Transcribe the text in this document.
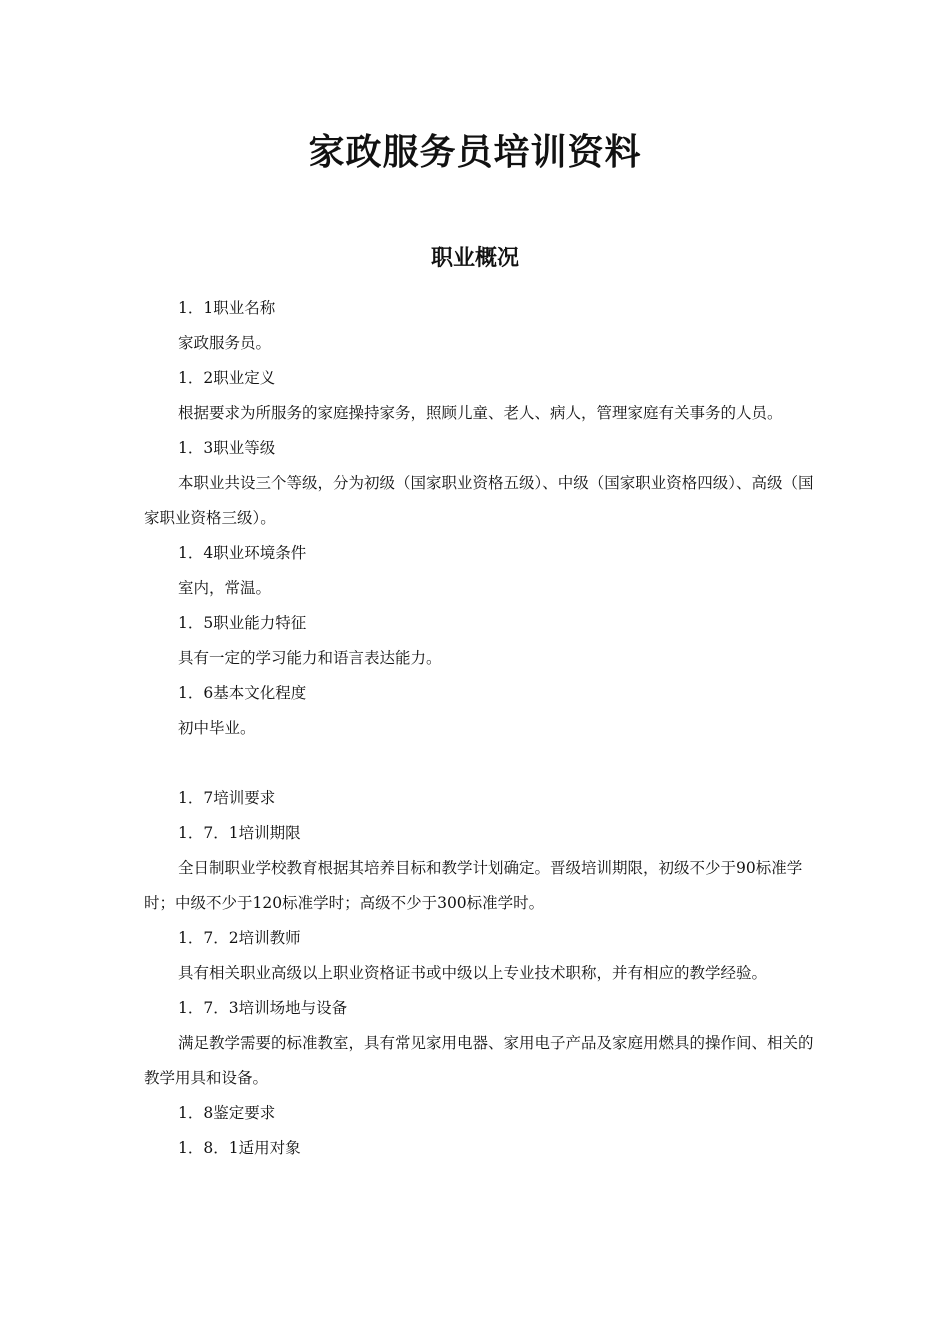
家政服务员培训资料
职业概况

1．1职业名称

家政服务员。

1．2职业定义

根据要求为所服务的家庭操持家务，照顾儿童、老人、病人，管理家庭有关事务的人员。

1．3职业等级

本职业共设三个等级，分为初级（国家职业资格五级）、中级（国家职业资格四级）、高级（国家职业资格三级）。

1．4职业环境条件

室内，常温。

1．5职业能力特征

具有一定的学习能力和语言表达能力。

1．6基本文化程度

初中毕业。

1．7培训要求

1．7．1培训期限

全日制职业学校教育根据其培养目标和教学计划确定。晋级培训期限，初级不少于90标准学时；中级不少于120标准学时；高级不少于300标准学时。

1．7．2培训教师

具有相关职业高级以上职业资格证书或中级以上专业技术职称，并有相应的教学经验。

1．7．3培训场地与设备

满足教学需要的标准教室，具有常见家用电器、家用电子产品及家庭用燃具的操作间、相关的教学用具和设备。

1．8鉴定要求

1．8．1适用对象
